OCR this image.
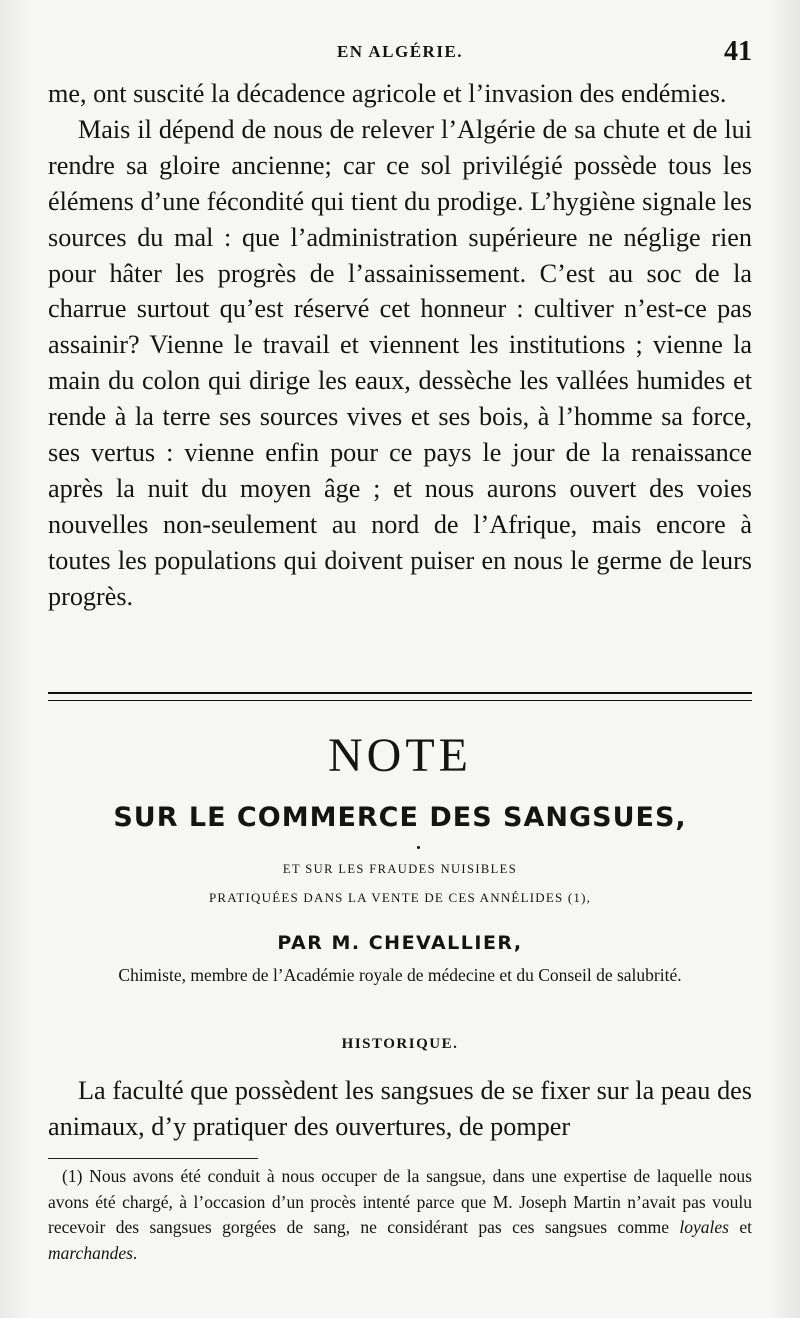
EN ALGÉRIE.	41

me, ont suscité la décadence agricole et l’invasion des endémies.

Mais il dépend de nous de relever l’Algérie de sa chute et de lui rendre sa gloire ancienne; car ce sol privilégié possède tous les élémens d’une fécondité qui tient du prodige. L’hygiène signale les sources du mal : que l’administration supérieure ne néglige rien pour hâter les progrès de l’assainissement. C’est au soc de la charrue surtout qu’est réservé cet honneur : cultiver n’est-ce pas assainir? Vienne le travail et viennent les institutions ; vienne la main du colon qui dirige les eaux, dessèche les vallées humides et rende à la terre ses sources vives et ses bois, à l’homme sa force, ses vertus : vienne enfin pour ce pays le jour de la renaissance après la nuit du moyen âge ; et nous aurons ouvert des voies nouvelles non-seulement au nord de l’Afrique, mais encore à toutes les populations qui doivent puiser en nous le germe de leurs progrès.

NOTE
SUR LE COMMERCE DES SANGSUES,
ET SUR LES FRAUDES NUISIBLES
PRATIQUÉES DANS LA VENTE DE CES ANNÉLIDES (1),
PAR M. CHEVALLIER,
Chimiste, membre de l’Académie royale de médecine et du Conseil de salubrité.
HISTORIQUE.

La faculté que possèdent les sangsues de se fixer sur la peau des animaux, d’y pratiquer des ouvertures, de pomper

(1) Nous avons été conduit à nous occuper de la sangsue, dans une expertise de laquelle nous avons été chargé, à l’occasion d’un procès intenté parce que M. Joseph Martin n’avait pas voulu recevoir des sangsues gorgées de sang, ne considérant pas ces sangsues comme loyales et marchandes.
